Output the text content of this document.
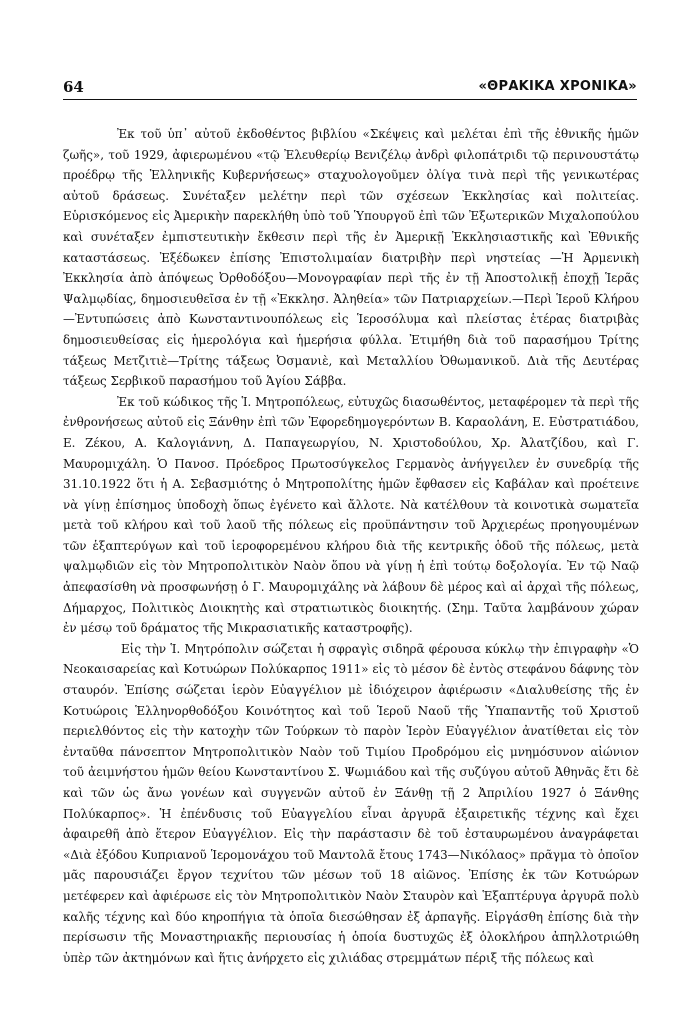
64	«ΘΡΑΚΙΚΑ ΧΡΟΝΙΚΑ»

Ἐκ τοῦ ὑπ᾽ αὐτοῦ ἐκδοθέντος βιβλίου «Σκέψεις καὶ μελέται ἐπὶ τῆς ἐθνικῆς ἡμῶν ζωῆς», τοῦ 1929, ἀφιερωμένου «τῷ Ἐλευθερίῳ Βενιζέλῳ ἀνδρὶ φιλοπάτριδι τῷ περινουστάτῳ προέδρῳ τῆς Ἑλληνικῆς Κυβερνήσεως» σταχυολογοῦμεν ὀλίγα τινὰ περὶ τῆς γενικωτέρας αὐτοῦ δράσεως. Συνέταξεν μελέτην περὶ τῶν σχέσεων Ἐκκλησίας καὶ πολιτείας. Εὑρισκόμενος εἰς Ἀμερικὴν παρεκλήθη ὑπὸ τοῦ Ὑπουργοῦ ἐπὶ τῶν Ἐξωτερικῶν Μιχαλοπούλου καὶ συνέταξεν ἐμπιστευτικὴν ἔκθεσιν περὶ τῆς ἐν Ἀμερικῇ Ἐκκλησιαστικῆς καὶ Ἐθνικῆς καταστάσεως. Ἐξέδωκεν ἐπίσης Ἐπιστολιμαίαν διατριβὴν περὶ νηστείας —Ἡ Ἀρμενικὴ Ἐκκλησία ἀπὸ ἀπόψεως Ὀρθοδόξου—Μονογραφίαν περὶ τῆς ἐν τῇ Ἀποστολικῇ ἐποχῇ Ἱερᾶς Ψαλμῳδίας, δημοσιευθεῖσα ἐν τῇ «Ἐκκλησ. Ἀληθεία» τῶν Πατριαρχείων.—Περὶ Ἱεροῦ Κλήρου—Ἐντυπώσεις ἀπὸ Κωνσταντινουπόλεως εἰς Ἱεροσόλυμα καὶ πλείστας ἑτέρας διατριβὰς δημοσιευθείσας εἰς ἡμερολόγια καὶ ἡμερήσια φύλλα. Ἐτιμήθη διὰ τοῦ παρασήμου Τρίτης τάξεως Μετζιτιὲ—Τρίτης τάξεως Ὀσμανιὲ, καὶ Μεταλλίου Ὀθωμανικοῦ. Διὰ τῆς Δευτέρας τάξεως Σερβικοῦ παρασήμου τοῦ Ἁγίου Σάββα.

Ἐκ τοῦ κώδικος τῆς Ἱ. Μητροπόλεως, εὐτυχῶς διασωθέντος, μεταφέρομεν τὰ περὶ τῆς ἐνθρονήσεως αὐτοῦ εἰς Ξάνθην ἐπὶ τῶν Ἐφορεδημογερόντων Β. Καραολάνη, Ε. Εὐστρατιάδου, Ε. Ζέκου, Α. Καλογιάννη, Δ. Παπαγεωργίου, Ν. Χριστοδούλου, Χρ. Ἀλατζίδου, καὶ Γ. Μαυρομιχάλη. Ὁ Πανοσ. Πρόεδρος Πρωτοσύγκελος Γερμανὸς ἀνήγγειλεν ἐν συνεδρίᾳ τῆς 31.10.1922 ὅτι ἡ Α. Σεβασμιότης ὁ Μητροπολίτης ἡμῶν ἔφθασεν εἰς Καβάλαν καὶ προέτεινε νὰ γίνῃ ἐπίσημος ὑποδοχὴ ὅπως ἐγένετο καὶ ἄλλοτε. Νὰ κατέλθουν τὰ κοινοτικὰ σωματεῖα μετὰ τοῦ κλήρου καὶ τοῦ λαοῦ τῆς πόλεως εἰς προϋπάντησιν τοῦ Ἀρχιερέως προηγουμένων τῶν ἑξαπτερύγων καὶ τοῦ ἱεροφορεμένου κλήρου διὰ τῆς κεντρικῆς ὁδοῦ τῆς πόλεως, μετὰ ψαλμῳδιῶν εἰς τὸν Μητροπολιτικὸν Ναὸν ὅπου νὰ γίνῃ ἡ ἐπὶ τούτῳ δοξολογία. Ἐν τῷ Ναῷ ἀπεφασίσθη νὰ προσφωνήσῃ ὁ Γ. Μαυρομιχάλης νὰ λάβουν δὲ μέρος καὶ αἱ ἀρχαὶ τῆς πόλεως, Δήμαρχος, Πολιτικὸς Διοικητὴς καὶ στρατιωτικὸς διοικητής. (Σημ. Ταῦτα λαμβάνουν χώραν ἐν μέσῳ τοῦ δράματος τῆς Μικρασιατικῆς καταστροφῆς).

Εἰς τὴν Ἱ. Μητρόπολιν σώζεται ἡ σφραγὶς σιδηρᾶ φέρουσα κύκλῳ τὴν ἐπιγραφὴν «Ὁ Νεοκαισαρείας καὶ Κοτυώρων Πολύκαρπος 1911» εἰς τὸ μέσον δὲ ἐντὸς στεφάνου δάφνης τὸν σταυρόν. Ἐπίσης σώζεται ἱερὸν Εὐαγγέλιον μὲ ἰδιόχειρον ἀφιέρωσιν «Διαλυθείσης τῆς ἐν Κοτυώροις Ἑλληνορθοδόξου Κοινότητος καὶ τοῦ Ἱεροῦ Ναοῦ τῆς Ὑπαπαντῆς τοῦ Χριστοῦ περιελθόντος εἰς τὴν κατοχὴν τῶν Τούρκων τὸ παρὸν Ἱερὸν Εὐαγγέλιον ἀνατίθεται εἰς τὸν ἐνταῦθα πάνσεπτον Μητροπολιτικὸν Ναὸν τοῦ Τιμίου Προδρόμου εἰς μνημόσυνον αἰώνιον τοῦ ἀειμνήστου ἡμῶν θείου Κωνσταντίνου Σ. Ψωμιάδου καὶ τῆς συζύγου αὐτοῦ Ἀθηνᾶς ἔτι δὲ καὶ τῶν ὡς ἄνω γονέων καὶ συγγενῶν αὐτοῦ ἐν Ξάνθῃ τῇ 2 Ἀπριλίου 1927 ὁ Ξάνθης Πολύκαρπος». Ἡ ἐπένδυσις τοῦ Εὐαγγελίου εἶναι ἀργυρᾶ ἐξαιρετικῆς τέχνης καὶ ἔχει ἀφαιρεθῆ ἀπὸ ἕτερον Εὐαγγέλιον. Εἰς τὴν παράστασιν δὲ τοῦ ἐσταυρωμένου ἀναγράφεται «Διὰ ἐξόδου Κυπριανοῦ Ἱερομονάχου τοῦ Μαντολᾶ ἔτους 1743—Νικόλαος» πρᾶγμα τὸ ὁποῖον μᾶς παρουσιάζει ἔργον τεχνίτου τῶν μέσων τοῦ 18 αἰῶνος. Ἐπίσης ἐκ τῶν Κοτυώρων μετέφερεν καὶ ἀφιέρωσε εἰς τὸν Μητροπολιτικὸν Ναὸν Σταυρὸν καὶ Ἑξαπτέρυγα ἀργυρᾶ πολὺ καλῆς τέχνης καὶ δύο κηροπήγια τὰ ὁποῖα διεσώθησαν ἐξ ἁρπαγῆς. Εἰργάσθη ἐπίσης διὰ τὴν περίσωσιν τῆς Μοναστηριακῆς περιουσίας ἡ ὁποία δυστυχῶς ἐξ ὁλοκλήρου ἀπηλλοτριώθη ὑπὲρ τῶν ἀκτημόνων καὶ ἥτις ἀνήρχετο εἰς χιλιάδας στρεμμάτων πέριξ τῆς πόλεως καὶ
